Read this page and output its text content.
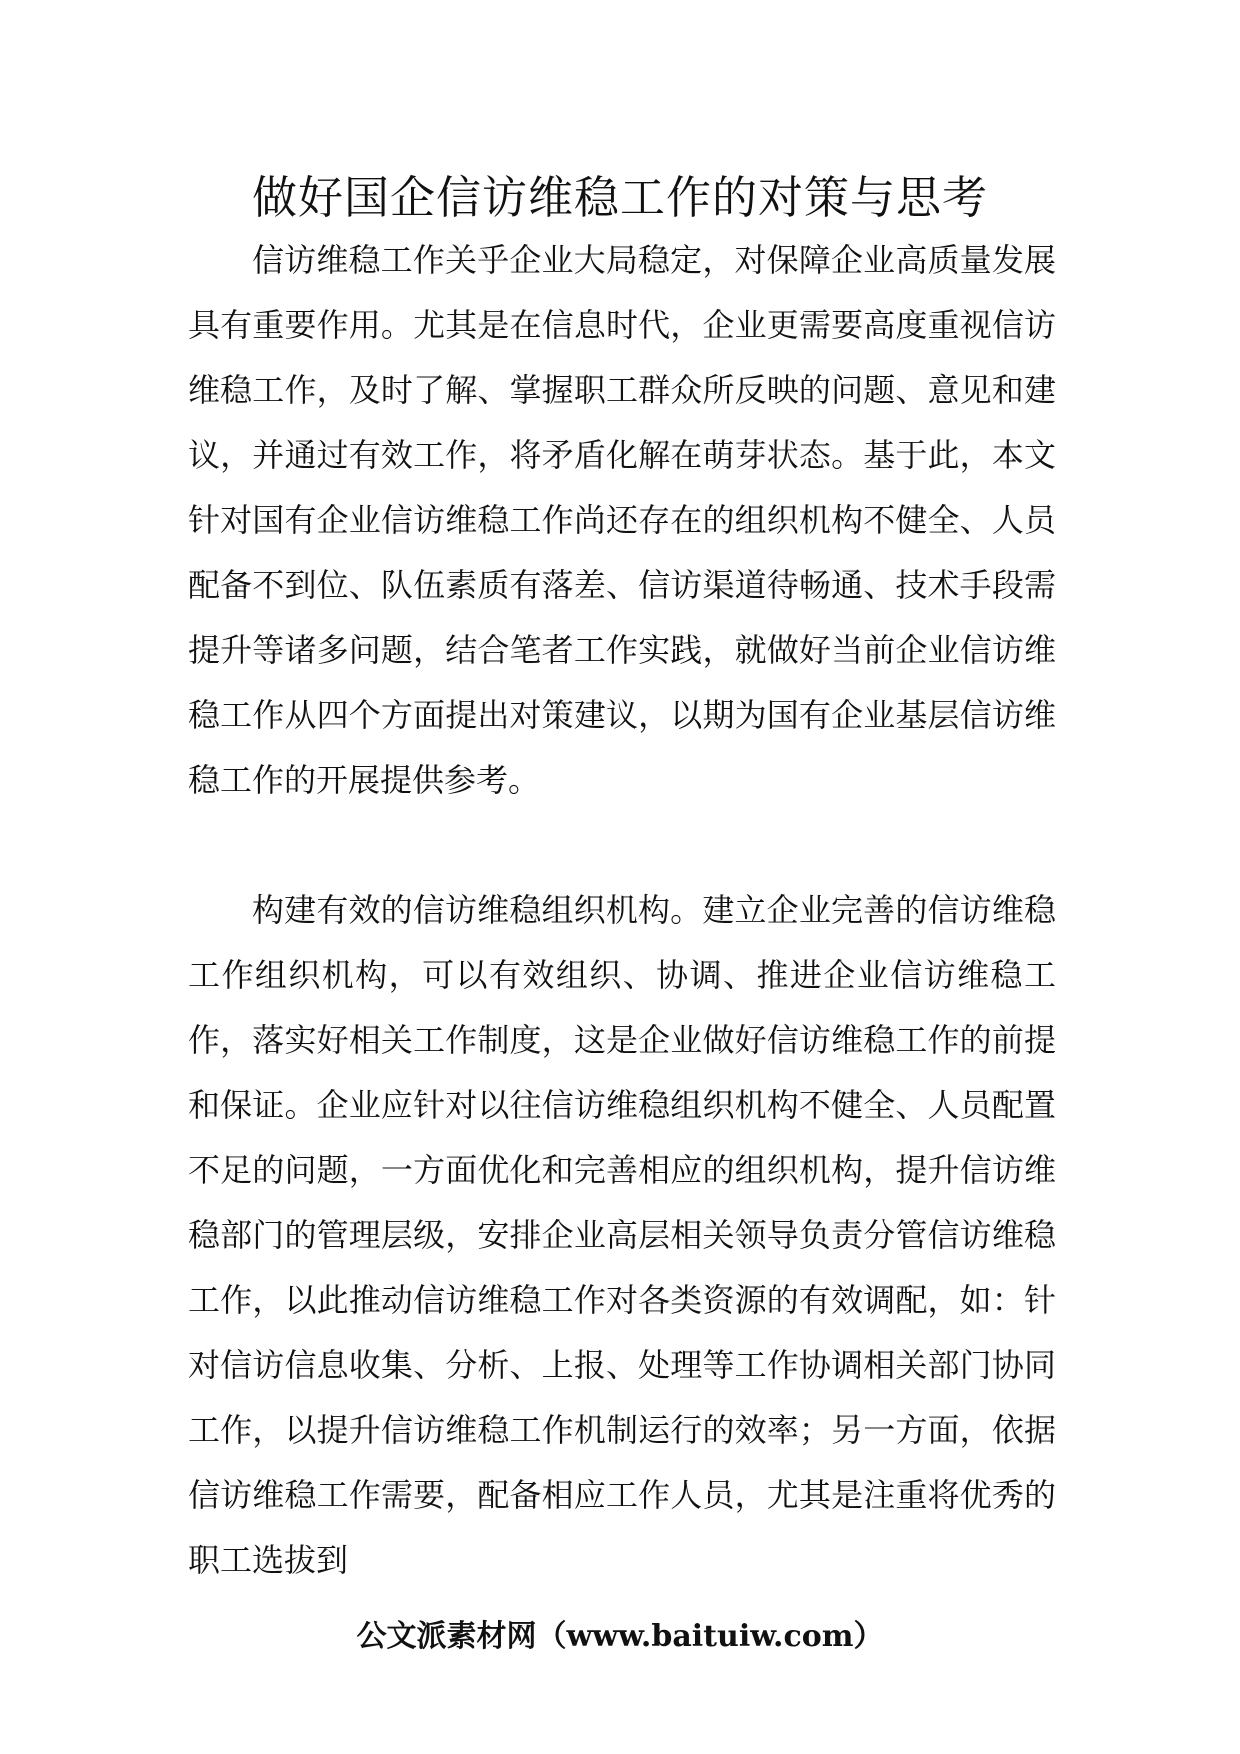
做好国企信访维稳工作的对策与思考

信访维稳工作关乎企业大局稳定，对保障企业高质量发展具有重要作用。尤其是在信息时代，企业更需要高度重视信访维稳工作，及时了解、掌握职工群众所反映的问题、意见和建议，并通过有效工作，将矛盾化解在萌芽状态。基于此，本文针对国有企业信访维稳工作尚还存在的组织机构不健全、人员配备不到位、队伍素质有落差、信访渠道待畅通、技术手段需提升等诸多问题，结合笔者工作实践，就做好当前企业信访维稳工作从四个方面提出对策建议，以期为国有企业基层信访维稳工作的开展提供参考。

构建有效的信访维稳组织机构。建立企业完善的信访维稳工作组织机构，可以有效组织、协调、推进企业信访维稳工作，落实好相关工作制度，这是企业做好信访维稳工作的前提和保证。企业应针对以往信访维稳组织机构不健全、人员配置不足的问题，一方面优化和完善相应的组织机构，提升信访维稳部门的管理层级，安排企业高层相关领导负责分管信访维稳工作，以此推动信访维稳工作对各类资源的有效调配，如：针对信访信息收集、分析、上报、处理等工作协调相关部门协同工作，以提升信访维稳工作机制运行的效率；另一方面，依据信访维稳工作需要，配备相应工作人员，尤其是注重将优秀的职工选拔到

公文派素材网（www.baituiw.com）
